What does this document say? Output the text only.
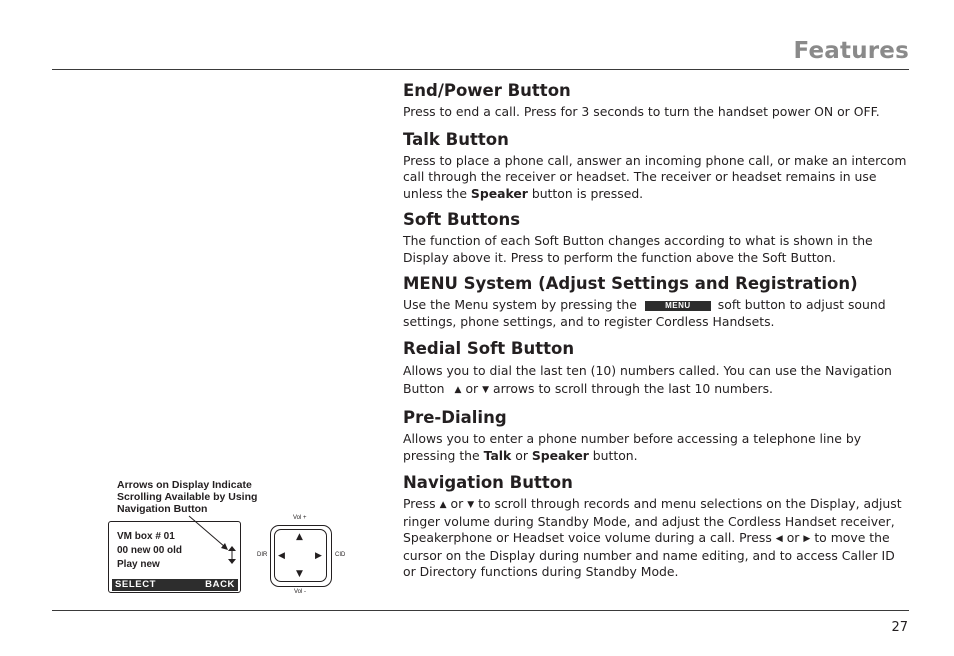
Features
End/Power Button

Press to end a call. Press for 3 seconds to turn the handset power ON or OFF.

Talk Button

Press to place a phone call, answer an incoming phone call, or make an intercom call through the receiver or headset. The receiver or headset remains in use unless the Speaker button is pressed.

Soft Buttons

The function of each Soft Button changes according to what is shown in the Display above it. Press to perform the function above the Soft Button.

MENU System (Adjust Settings and Registration)

Use the Menu system by pressing the	MENU soft button to adjust sound settings, phone settings, and to register Cordless Handsets.

Redial Soft Button

Allows you to dial the last ten (10) numbers called. You can use the Navigation Button ▲ or ▼ arrows to scroll through the last 10 numbers.

Pre-Dialing

Allows you to enter a phone number before accessing a telephone line by pressing the Talk or Speaker button.

Navigation Button

Press ▲ or ▼ to scroll through records and menu selections on the Display, adjust ringer volume during Standby Mode, and adjust the Cordless Handset receiver, Speakerphone or Headset voice volume during a call. Press ◀ or ▶ to move the cursor on the Display during number and name editing, and to access Caller ID or Directory functions during Standby Mode.

Arrows on Display Indicate Scrolling Available by Using Navigation Button
VM box # 01
00 new 00 old
Play new
SELECT	BACK
Vol +
Vol -
DIR	CID
▲
▼
◀	▶
27
